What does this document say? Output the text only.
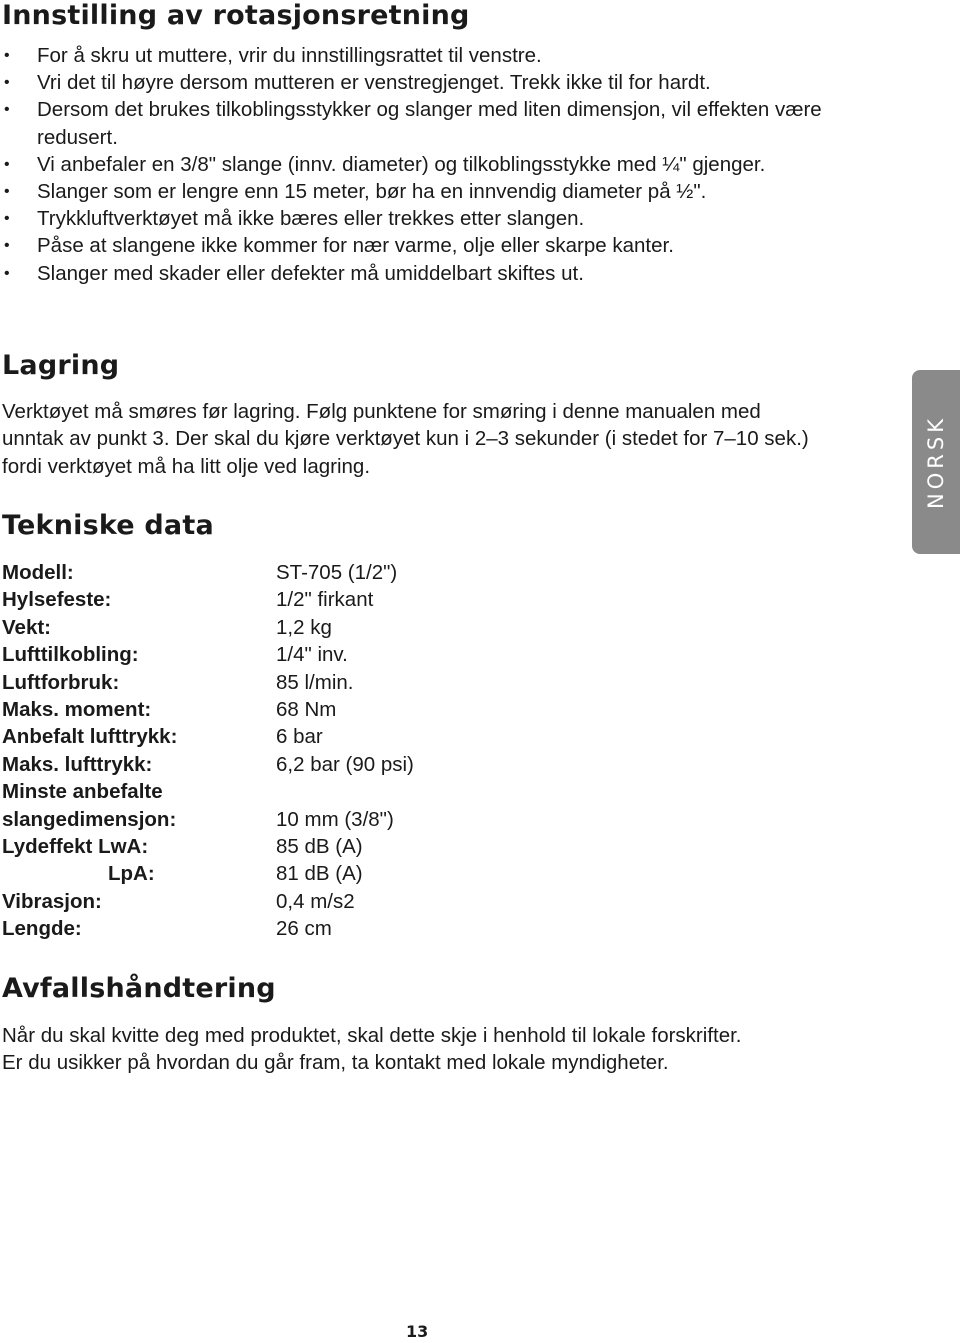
Innstilling av rotasjonsretning
• For å skru ut muttere, vrir du innstillingsrattet til venstre.
• Vri det til høyre dersom mutteren er venstregjenget. Trekk ikke til for hardt.
• Dersom det brukes tilkoblingsstykker og slanger med liten dimensjon, vil effekten være redusert.
• Vi anbefaler en 3/8" slange (innv. diameter) og tilkoblingsstykke med ¼" gjenger.
• Slanger som er lengre enn 15 meter, bør ha en innvendig diameter på ½".
• Trykkluftverktøyet må ikke bæres eller trekkes etter slangen.
• Påse at slangene ikke kommer for nær varme, olje eller skarpe kanter.
• Slanger med skader eller defekter må umiddelbart skiftes ut.
Lagring

Verktøyet må smøres før lagring. Følg punktene for smøring i denne manualen med unntak av punkt 3. Der skal du kjøre verktøyet kun i 2–3 sekunder (i stedet for 7–10 sek.) fordi verktøyet må ha litt olje ved lagring.

Tekniske data
Modell:	ST-705 (1/2")
Hylsefeste:	1/2" firkant
Vekt:	1,2 kg
Lufttilkobling:	1/4" inv.
Luftforbruk:	85 l/min.
Maks. moment:	68 Nm
Anbefalt lufttrykk:	6 bar
Maks. lufttrykk:	6,2 bar (90 psi)
Minste anbefalte
slangedimensjon:	10 mm (3/8")
Lydeffekt LwA:	85 dB (A)
LpA:	81 dB (A)
Vibrasjon:	0,4 m/s2
Lengde:	26 cm
Avfallshåndtering

Når du skal kvitte deg med produktet, skal dette skje i henhold til lokale forskrifter.
Er du usikker på hvordan du går fram, ta kontakt med lokale myndigheter.

NORSK
13
